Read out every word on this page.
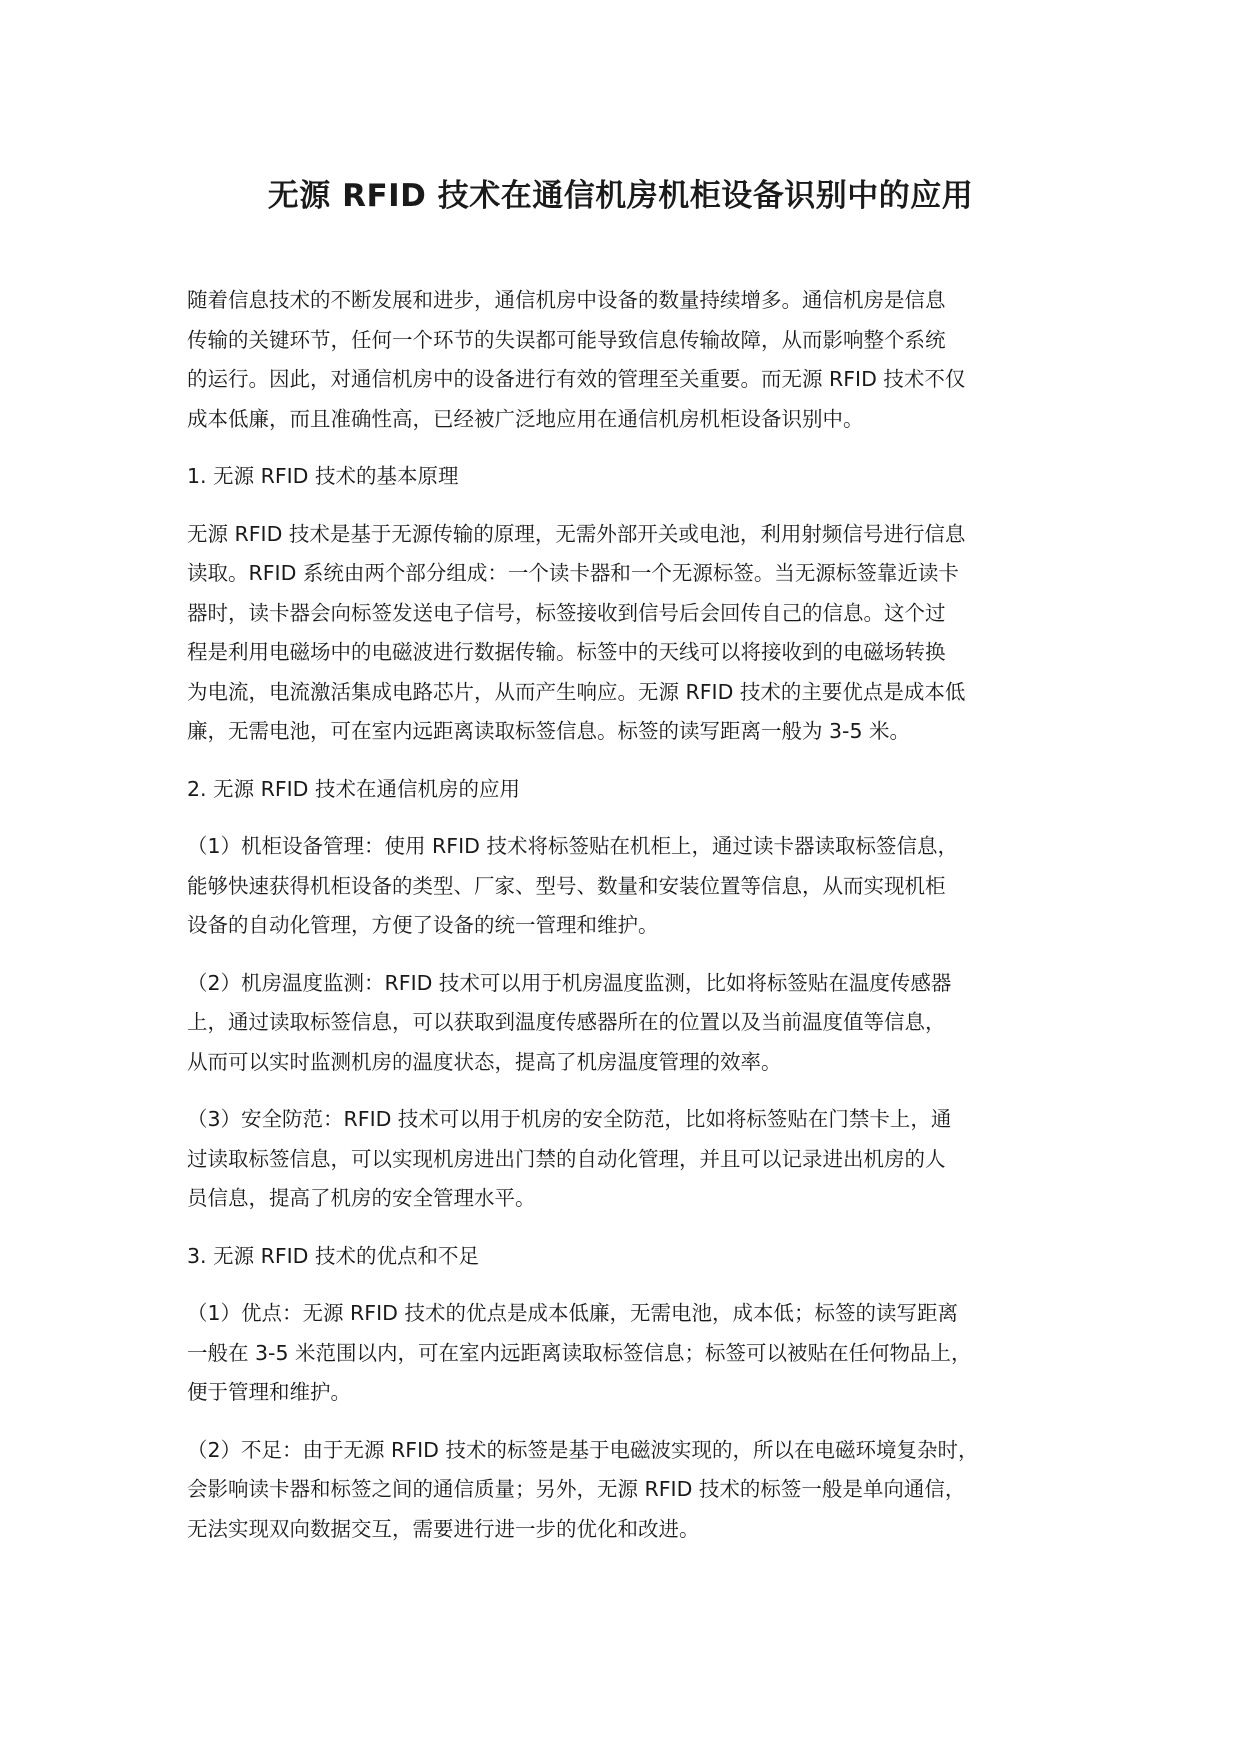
无源 RFID 技术在通信机房机柜设备识别中的应用

随着信息技术的不断发展和进步，通信机房中设备的数量持续增多。通信机房是信息
传输的关键环节，任何一个环节的失误都可能导致信息传输故障，从而影响整个系统
的运行。因此，对通信机房中的设备进行有效的管理至关重要。而无源 RFID 技术不仅
成本低廉，而且准确性高，已经被广泛地应用在通信机房机柜设备识别中。

1. 无源 RFID 技术的基本原理

无源 RFID 技术是基于无源传输的原理，无需外部开关或电池，利用射频信号进行信息
读取。RFID 系统由两个部分组成：一个读卡器和一个无源标签。当无源标签靠近读卡
器时，读卡器会向标签发送电子信号，标签接收到信号后会回传自己的信息。这个过
程是利用电磁场中的电磁波进行数据传输。标签中的天线可以将接收到的电磁场转换
为电流，电流激活集成电路芯片，从而产生响应。无源 RFID 技术的主要优点是成本低
廉，无需电池，可在室内远距离读取标签信息。标签的读写距离一般为 3-5 米。

2. 无源 RFID 技术在通信机房的应用

（1）机柜设备管理：使用 RFID 技术将标签贴在机柜上，通过读卡器读取标签信息，
能够快速获得机柜设备的类型、厂家、型号、数量和安装位置等信息，从而实现机柜
设备的自动化管理，方便了设备的统一管理和维护。

（2）机房温度监测：RFID 技术可以用于机房温度监测，比如将标签贴在温度传感器
上，通过读取标签信息，可以获取到温度传感器所在的位置以及当前温度值等信息，
从而可以实时监测机房的温度状态，提高了机房温度管理的效率。

（3）安全防范：RFID 技术可以用于机房的安全防范，比如将标签贴在门禁卡上，通
过读取标签信息，可以实现机房进出门禁的自动化管理，并且可以记录进出机房的人
员信息，提高了机房的安全管理水平。

3. 无源 RFID 技术的优点和不足

（1）优点：无源 RFID 技术的优点是成本低廉，无需电池，成本低；标签的读写距离
一般在 3-5 米范围以内，可在室内远距离读取标签信息；标签可以被贴在任何物品上，
便于管理和维护。

（2）不足：由于无源 RFID 技术的标签是基于电磁波实现的，所以在电磁环境复杂时，
会影响读卡器和标签之间的通信质量；另外，无源 RFID 技术的标签一般是单向通信，
无法实现双向数据交互，需要进行进一步的优化和改进。
